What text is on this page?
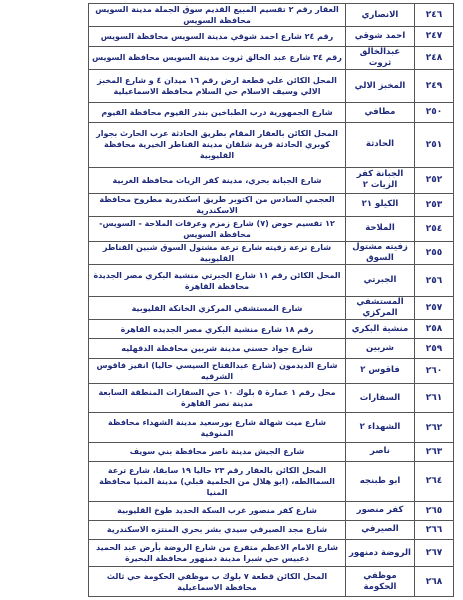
٢٤٦	الانصاري	العقار رقم ٢ تقسيم المبيع القديم سوق الجملة مدينة السويس محافظة السويس
٢٤٧	احمد شوقي	رقم ٢٤ شارع احمد شوقي مدينة السويس محافظة السويس
٢٤٨	عبدالخالق ثروت	رقم ٣٤ شارع عبد الخالق ثروت مدينة السويس محافظة السويس
٢٤٩	المخبز الالي	المحل الكائن علي قطعة ارض رقم ١٦ ميدان ٤ و شارع المخبز الالي وسيف الاسلام حي السلام محافظة الاسماعيلية
٢٥٠	مطافي	شارع الجمهورية درب الطباخين بندر الفيوم محافظة الفيوم
٢٥١	الحادثة	المحل الكائن بالعقار المقام بطريق الحادثة عرب الحارث بجوار كوبري الحادثة قرية شلقان مدينة القناطر الخيرية محافظة القليوبية
٢٥٢	الجبانة كفر الزيات ٢	شارع الجبانة بحري، مدينة كفر الزيات محافظة الغربية
٢٥٣	الكيلو ٢١	العجمي السادس من اكتوبر طريق اسكندرية مطروح محافظة الاسكندرية
٢٥٤	الملاحة	١٢ تقسيم حوض (٧) شارع زمزم وعرفات الملاحة - السويس- محافظة السويس
٢٥٥	زفيته مشتول السوق	شارع ترعة زفيته شارع ترعة مشتول السوق شبين القناطر القليوبية
٢٥٦	الجبرتي	المحل الكائن رقم ١١ شارع الجبرتي منشية البكري مصر الجديدة محافظة القاهرة
٢٥٧	المستشفي المركزي	شارع المستشفي المركزي الخانكة القليوبية
٢٥٨	منشية البكري	رقم ١٨ شارع منشية البكري مصر الجديده القاهرة
٢٥٩	شربين	شارع جواد حسني مدينة شربين محافظة الدقهليه
٢٦٠	فاقوس ٢	شارع الديدمون (شارع عبدالفتاح السيسي حاليا) انفيز فاقوس الشرقيه
٢٦١	السفارات	محل رقم ١ عمارة ٥ بلوك ١٠ حي السفارات المنطقة السابعة مدينة نصر القاهرة
٢٦٢	الشهداء ٢	شارع ميت شهالة شارع بورسعيد مدينة الشهداء محافظة المنوفية
٢٦٣	ناصر	شارع الجيش مدينة ناصر محافظة بني سويف
٢٦٤	ابو طبنجه	المحل الكائن بالعقار رقم ٢٣ حاليا ١٩ سابقا، شارع ترعة السماالطه، (ابو هلال من الحلمية قبلي) مدينة المنيا محافظة المنيا
٢٦٥	كفر منصور	شارع كفر منصور غرب السكة الحديد طوخ القليوبية
٢٦٦	الصيرفي	شارع مجد الصيرفي سيدي بشر بحري المنتزه الاسكندرية
٢٦٧	الروضة دمنهور	شارع الامام الاعظم متفرع من شارع الروضة بأرض عبد الحميد دعبيس حي شبرا مدينة دمنهور محافظة البحيرة
٢٦٨	موظفي الحكومة	المحل الكائن قطعة ٧ بلوك ب موظفي الحكومة حي ثالث محافظة الاسماعيلية
